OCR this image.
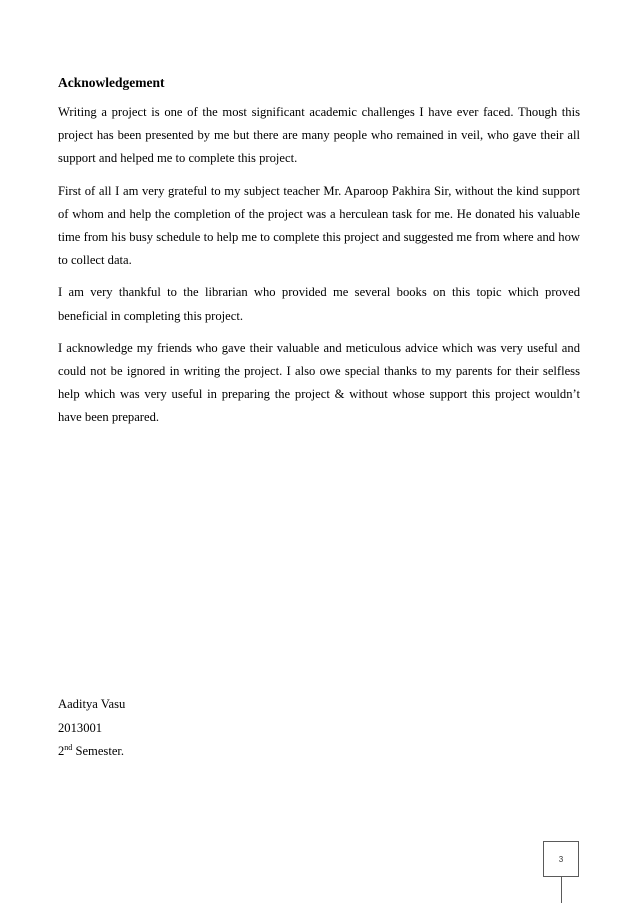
Acknowledgement

Writing a project is one of the most significant academic challenges I have ever faced. Though this project has been presented by me but there are many people who remained in veil, who gave their all support and helped me to complete this project.

First of all I am very grateful to my subject teacher Mr. Aparoop Pakhira Sir, without the kind support of whom and help the completion of the project was a herculean task for me. He donated his valuable time from his busy schedule to help me to complete this project and suggested me from where and how to collect data.

I am very thankful to the librarian who provided me several books on this topic which proved beneficial in completing this project.

I acknowledge my friends who gave their valuable and meticulous advice which was very useful and could not be ignored in writing the project. I also owe special thanks to my parents for their selfless help which was very useful in preparing the project & without whose support this project wouldn’t have been prepared.

Aaditya Vasu
2013001
2nd Semester.
3
